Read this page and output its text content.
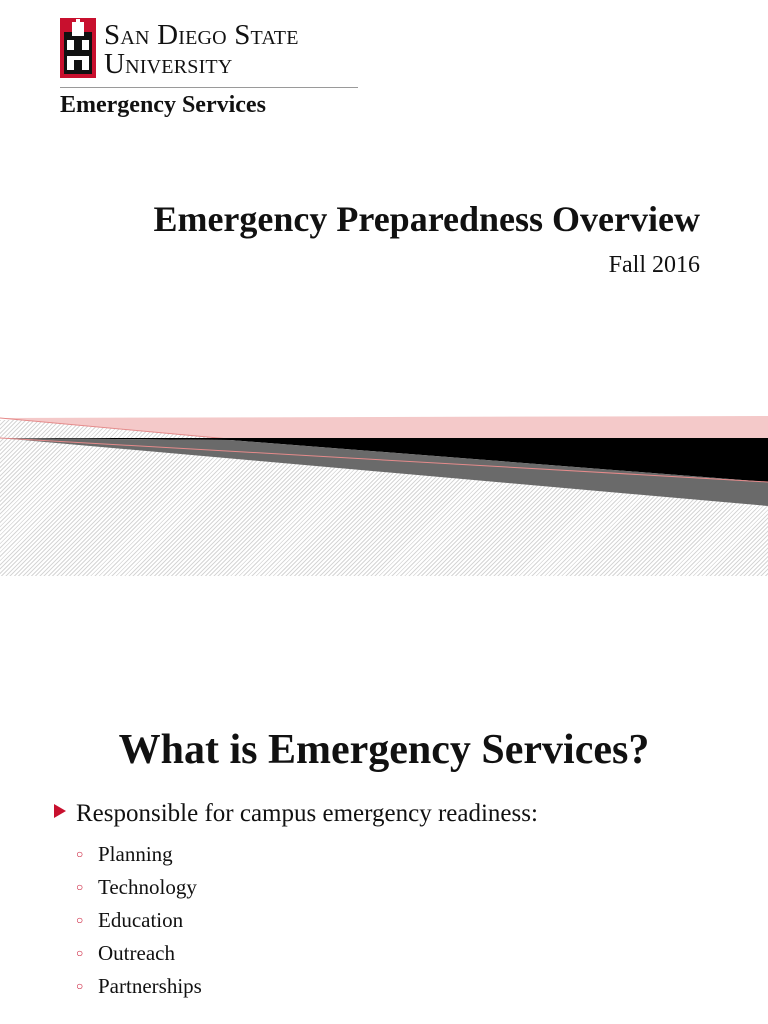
San Diego State
University
Emergency Services
Emergency Preparedness Overview
Fall 2016
What is Emergency Services?
Responsible for campus emergency readiness:
○ Planning
○ Technology
○ Education
○ Outreach
○ Partnerships
